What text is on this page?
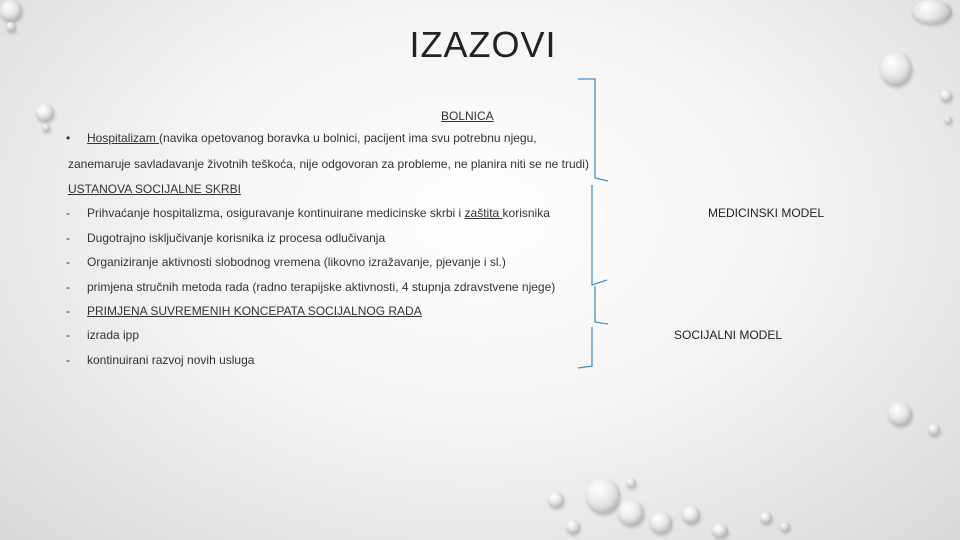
IZAZOVI
BOLNICA
• Hospitalizam (navika opetovanog boravka u bolnici, pacijent ima svu potrebnu njegu,
zanemaruje savladavanje životnih teškoća, nije odgovoran za probleme, ne planira niti se ne trudi)
USTANOVA SOCIJALNE SKRBI
- Prihvaćanje hospitalizma, osiguravanje kontinuirane medicinske skrbi i zaštita korisnika
- Dugotrajno isključivanje korisnika iz procesa odlučivanja
- Organiziranje aktivnosti slobodnog vremena (likovno izražavanje, pjevanje i sl.)
- primjena stručnih metoda rada (radno terapijske aktivnosti, 4 stupnja zdravstvene njege)
- PRIMJENA SUVREMENIH KONCEPATA SOCIJALNOG RADA
- izrada ipp
- kontinuirani razvoj novih usluga
MEDICINSKI MODEL
SOCIJALNI MODEL
